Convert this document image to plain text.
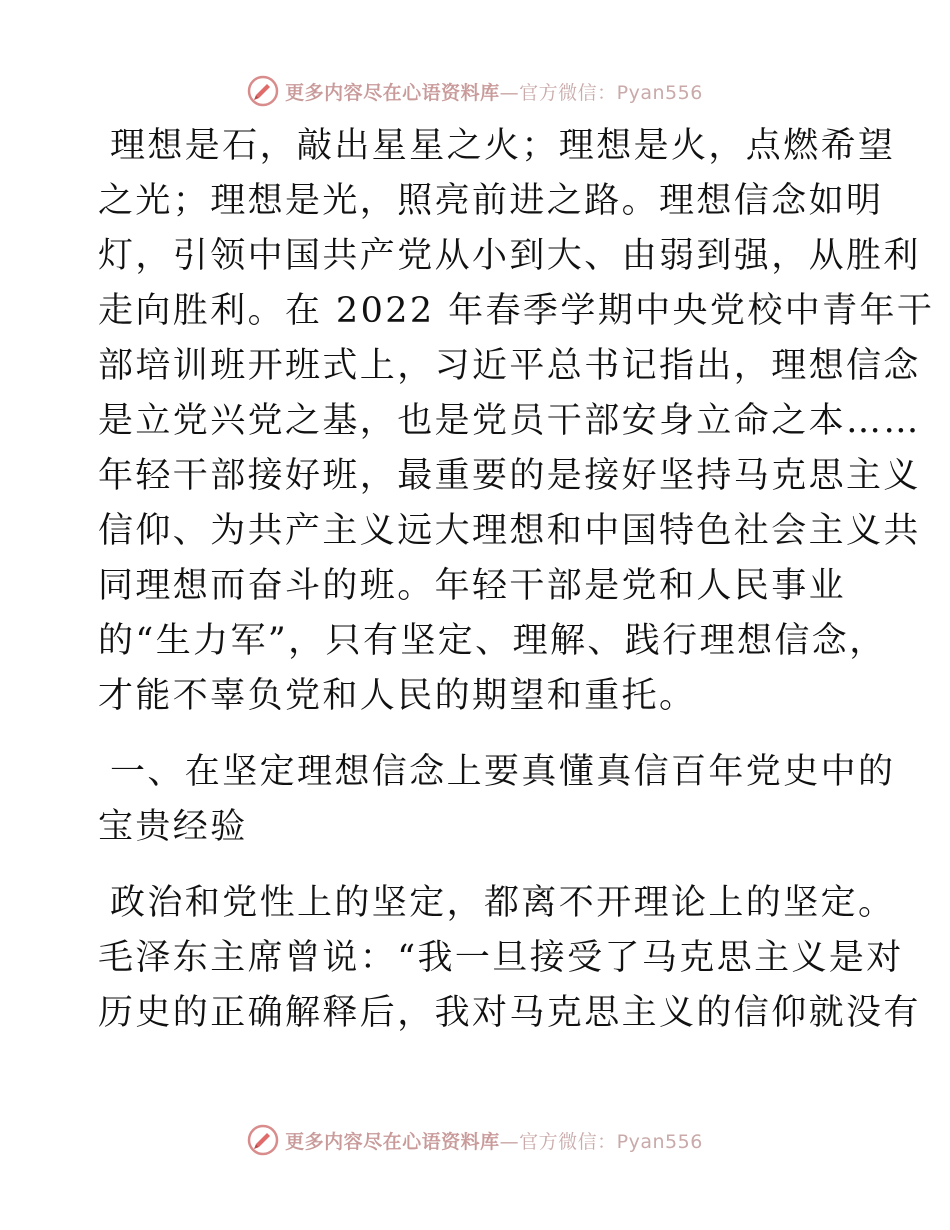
更多内容尽在心语资料库—官方微信：Pyan556
理想是石，敲出星星之火；理想是火，点燃希望
之光；理想是光，照亮前进之路。理想信念如明
灯，引领中国共产党从小到大、由弱到强，从胜利
走向胜利。在 2022 年春季学期中央党校中青年干
部培训班开班式上，习近平总书记指出，理想信念
是立党兴党之基，也是党员干部安身立命之本……
年轻干部接好班，最重要的是接好坚持马克思主义
信仰、为共产主义远大理想和中国特色社会主义共
同理想而奋斗的班。年轻干部是党和人民事业
的“生力军”，只有坚定、理解、践行理想信念，
才能不辜负党和人民的期望和重托。
一、在坚定理想信念上要真懂真信百年党史中的
宝贵经验
政治和党性上的坚定，都离不开理论上的坚定。
毛泽东主席曾说：“我一旦接受了马克思主义是对
历史的正确解释后，我对马克思主义的信仰就没有
更多内容尽在心语资料库—官方微信：Pyan556
